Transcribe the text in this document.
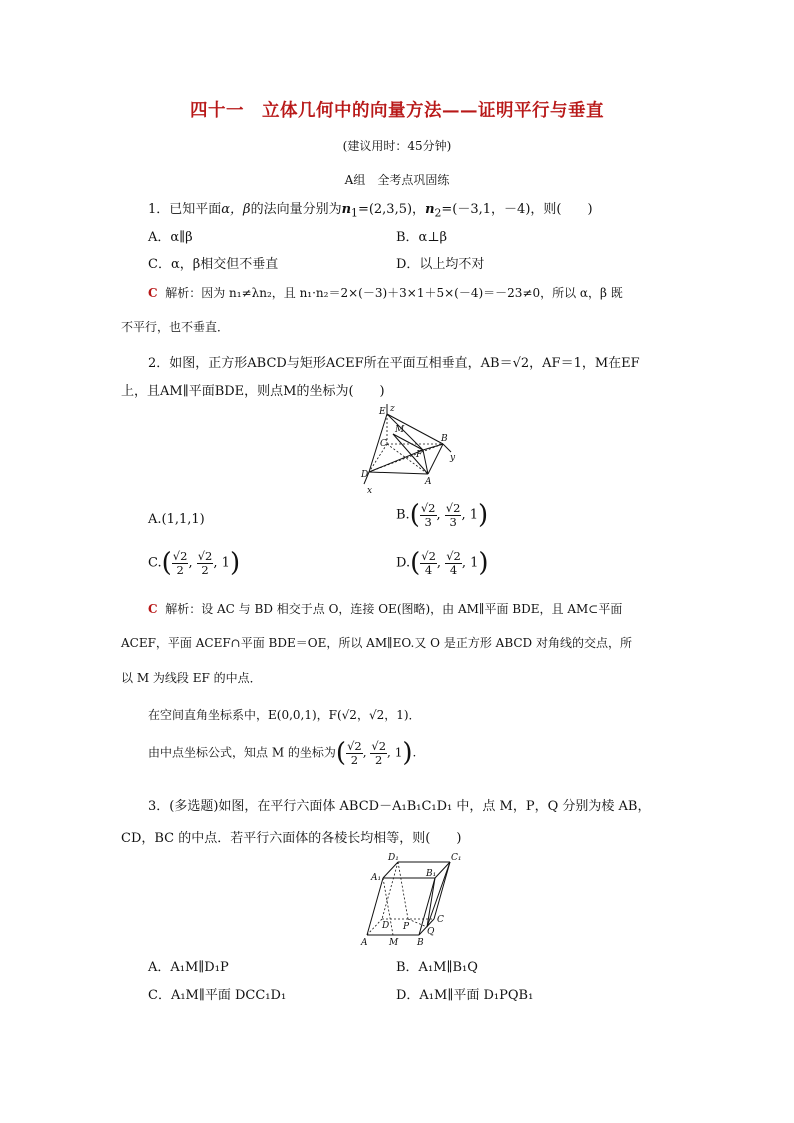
四十一　立体几何中的向量方法——证明平行与垂直
(建议用时：45分钟)
A组　全考点巩固练
1．已知平面α，β的法向量分别为$n_1=(2,3,5)$，$n_2=(-3,1$，－4)，则(　　)
A．α∥β	B．α⊥β
C．α，β相交但不垂直	D．以上均不对
C 解析：因为 n₁≠λn₂，且 n₁·n₂＝2×(－3)＋3×1＋5×(－4)＝－23≠0，所以 α，β 既
不平行，也不垂直．
2．如图，正方形ABCD与矩形ACEF所在平面互相垂直，AB＝√2，AF＝1，M在EF
上，且AM∥平面BDE，则点M的坐标为(　　)
E z
M
C	B
y
F
D
A
x
A.(1,1,1)	$B.( \frac{√2}{3}$ , $\frac{√2}{3}$ , 1)
$C.( \frac{√2}{2}$ , $\frac{√2}{2}$ , 1)	$D.( \frac{√2}{4}$ , $\frac{√2}{4}$ , 1)
C 解析：设 AC 与 BD 相交于点 O，连接 OE(图略)，由 AM∥平面 BDE，且 AM⊂平面
ACEF，平面 ACEF∩平面 BDE＝OE，所以 AM∥EO.又 O 是正方形 ABCD 对角线的交点，所
以 M 为线段 EF 的中点．
在空间直角坐标系中，E(0,0,1)，F(√2，√2，1)．
由中点坐标公式，知点 M 的坐标为( $\frac{√2}{2}$ , $\frac{√2}{2}$ , 1).
3．(多选题)如图，在平行六面体 ABCD－A₁B₁C₁D₁ 中，点 M，P，Q 分别为棱 AB，
CD，BC 的中点．若平行六面体的各棱长均相等，则(　　)
D₁	C₁
A₁	B₁
D P
C
Q
A M B
A．A₁M∥D₁P	B．A₁M∥B₁Q
C．A₁M∥平面 DCC₁D₁	D．A₁M∥平面 D₁PQB₁
